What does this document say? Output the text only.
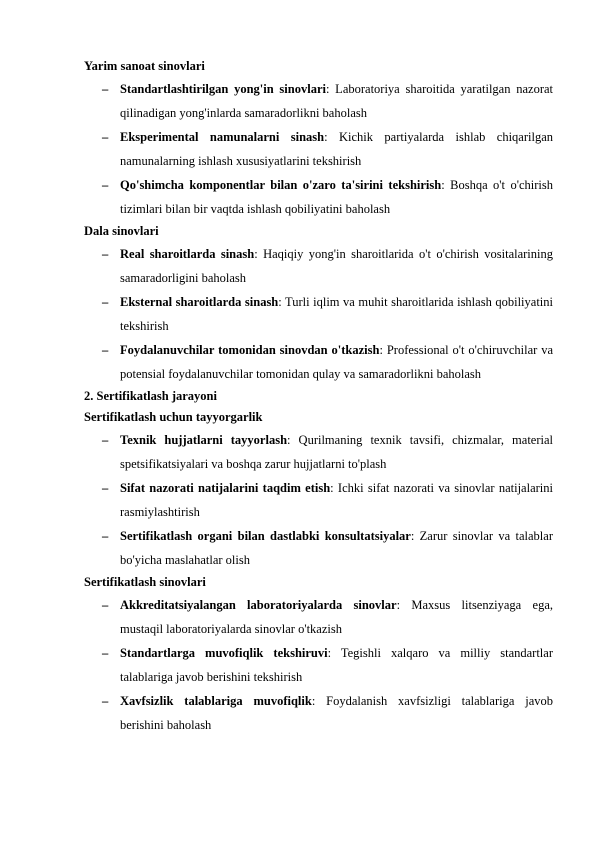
Yarim sanoat sinovlari
– Standartlashtirilgan yong'in sinovlari: Laboratoriya sharoitida yaratilgan nazorat qilinadigan yong'inlarda samaradorlikni baholash
– Eksperimental namunalarni sinash: Kichik partiyalarda ishlab chiqarilgan namunalarning ishlash xususiyatlarini tekshirish
– Qo'shimcha komponentlar bilan o'zaro ta'sirini tekshirish: Boshqa o't o'chirish tizimlari bilan bir vaqtda ishlash qobiliyatini baholash
Dala sinovlari
– Real sharoitlarda sinash: Haqiqiy yong'in sharoitlarida o't o'chirish vositalarining samaradorligini baholash
– Eksternal sharoitlarda sinash: Turli iqlim va muhit sharoitlarida ishlash qobiliyatini tekshirish
– Foydalanuvchilar tomonidan sinovdan o'tkazish: Professional o't o'chiruvchilar va potensial foydalanuvchilar tomonidan qulay va samaradorlikni baholash
2. Sertifikatlash jarayoni
Sertifikatlash uchun tayyorgarlik
– Texnik hujjatlarni tayyorlash: Qurilmaning texnik tavsifi, chizmalar, material spetsifikatsiyalari va boshqa zarur hujjatlarni to'plash
– Sifat nazorati natijalarini taqdim etish: Ichki sifat nazorati va sinovlar natijalarini rasmiylashtirish
– Sertifikatlash organi bilan dastlabki konsultatsiyalar: Zarur sinovlar va talablar bo'yicha maslahatlar olish
Sertifikatlash sinovlari
– Akkreditatsiyalangan laboratoriyalarda sinovlar: Maxsus litsenziyaga ega, mustaqil laboratoriyalarda sinovlar o'tkazish
– Standartlarga muvofiqlik tekshiruvi: Tegishli xalqaro va milliy standartlar talablariga javob berishini tekshirish
– Xavfsizlik talablariga muvofiqlik: Foydalanish xavfsizligi talablariga javob berishini baholash
